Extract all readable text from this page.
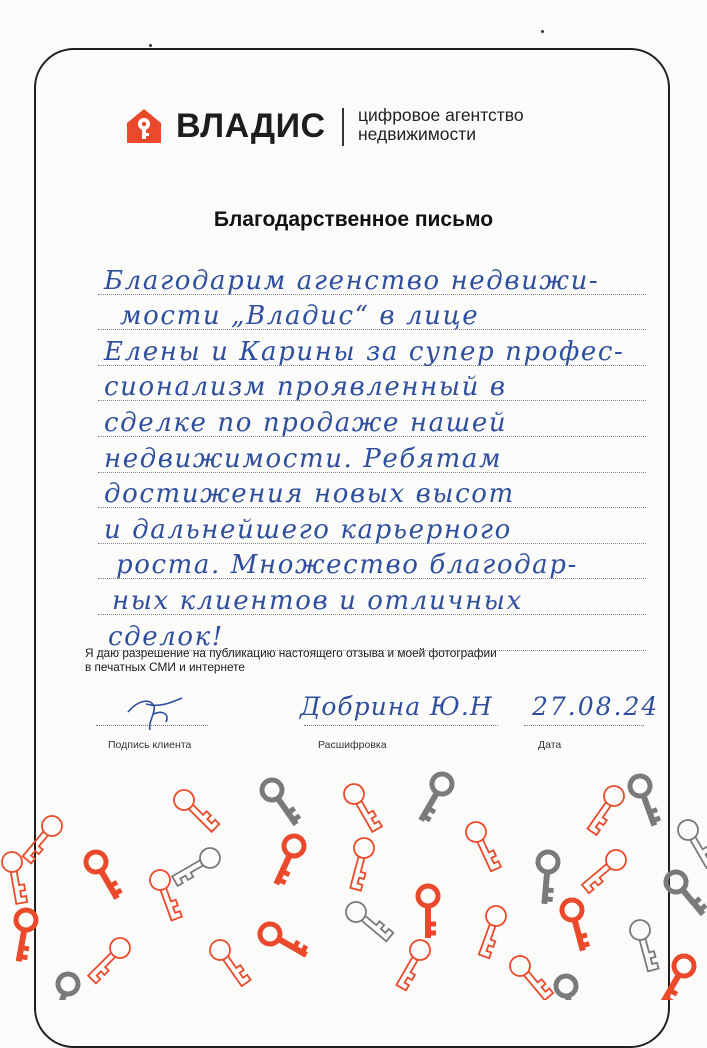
ВЛАДИС цифровое агентство
недвижимости
Благодарственное письмо
Благодарим агенство недвижи-
мости „Владис“ в лице
Елены и Карины за супер профес-
сионализм проявленный в
сделке по продаже нашей
недвижимости. Ребятам
достижения новых высот
и дальнейшего карьерного
роста. Множество благодар-
ных клиентов и отличных
сделок!
Я даю разрешение на публикацию настоящего отзыва и моей фотографии
в печатных СМИ и интернете
Подпись клиента
Добрина Ю.Н
Расшифровка
27.08.24
Дата
